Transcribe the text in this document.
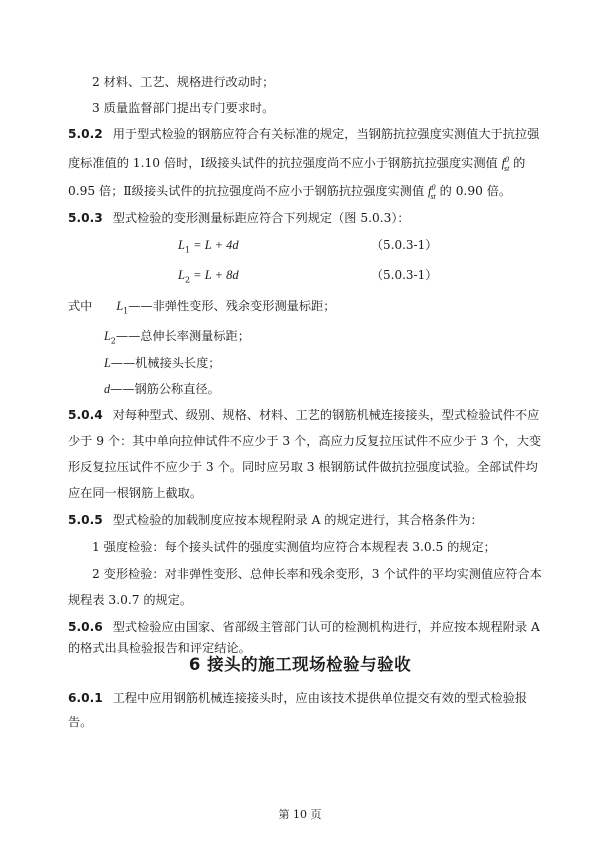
2 材料、工艺、规格进行改动时；
3 质量监督部门提出专门要求时。
5.0.2 用于型式检验的钢筋应符合有关标准的规定，当钢筋抗拉强度实测值大于抗拉强
度标准值的 1.10 倍时，Ⅰ级接头试件的抗拉强度尚不应小于钢筋抗拉强度实测值 $f^0_{st}$ 的
0.95 倍；Ⅱ级接头试件的抗拉强度尚不应小于钢筋抗拉强度实测值 $f^0_{st}$ 的 0.90 倍。
5.0.3 型式检验的变形测量标距应符合下列规定（图 5.0.3）：
$L_1 = L + 4d$	（5.0.3-1）
$L_2 = L + 8d$	（5.0.3-1）
式中 $L_1——$非弹性变形、残余变形测量标距；
$L_2——$总伸长率测量标距；
L——机械接头长度；
d——钢筋公称直径。
5.0.4 对每种型式、级别、规格、材料、工艺的钢筋机械连接接头，型式检验试件不应
少于 9 个：其中单向拉伸试件不应少于 3 个，高应力反复拉压试件不应少于 3 个，大变
形反复拉压试件不应少于 3 个。同时应另取 3 根钢筋试件做抗拉强度试验。全部试件均
应在同一根钢筋上截取。
5.0.5 型式检验的加载制度应按本规程附录 A 的规定进行，其合格条件为：
1 强度检验：每个接头试件的强度实测值均应符合本规程表 3.0.5 的规定；
2 变形检验：对非弹性变形、总伸长率和残余变形，3 个试件的平均实测值应符合本
规程表 3.0.7 的规定。
5.0.6 型式检验应由国家、省部级主管部门认可的检测机构进行，并应按本规程附录 A
的格式出具检验报告和评定结论。
6 接头的施工现场检验与验收
6.0.1 工程中应用钢筋机械连接接头时，应由该技术提供单位提交有效的型式检验报
告。
第 10 页
